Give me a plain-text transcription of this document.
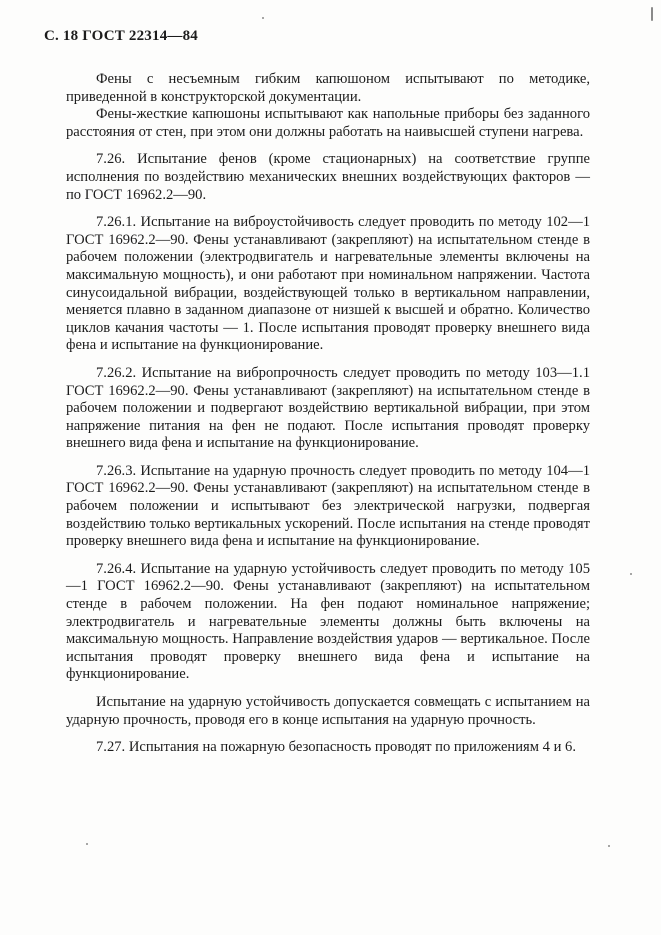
С. 18 ГОСТ 22314—84

Фены с несъемным гибким капюшоном испытывают по методике, приведенной в конструкторской документации.

Фены-жесткие капюшоны испытывают как напольные приборы без заданного расстояния от стен, при этом они должны работать на наивысшей ступени нагрева.

7.26. Испытание фенов (кроме стационарных) на соответствие группе исполнения по воздействию механических внешних воздействующих факторов — по ГОСТ 16962.2—90.

7.26.1. Испытание на виброустойчивость следует проводить по методу 102—1 ГОСТ 16962.2—90. Фены устанавливают (закрепляют) на испытательном стенде в рабочем положении (электродвигатель и нагревательные элементы включены на максимальную мощность), и они работают при номинальном напряжении. Частота синусоидальной вибрации, воздействующей только в вертикальном направлении, меняется плавно в заданном диапазоне от низшей к высшей и обратно. Количество циклов качания частоты — 1. После испытания проводят проверку внешнего вида фена и испытание на функционирование.

7.26.2. Испытание на вибропрочность следует проводить по методу 103—1.1 ГОСТ 16962.2—90. Фены устанавливают (закрепляют) на испытательном стенде в рабочем положении и подвергают воздействию вертикальной вибрации, при этом напряжение питания на фен не подают. После испытания проводят проверку внешнего вида фена и испытание на функционирование.

7.26.3. Испытание на ударную прочность следует проводить по методу 104—1 ГОСТ 16962.2—90. Фены устанавливают (закрепляют) на испытательном стенде в рабочем положении и испытывают без электрической нагрузки, подвергая воздействию только вертикальных ускорений. После испытания на стенде проводят проверку внешнего вида фена и испытание на функционирование.

7.26.4. Испытание на ударную устойчивость следует проводить по методу 105—1 ГОСТ 16962.2—90. Фены устанавливают (закрепляют) на испытательном стенде в рабочем положении. На фен подают номинальное напряжение; электродвигатель и нагревательные элементы должны быть включены на максимальную мощность. Направление воздействия ударов — вертикальное. После испытания проводят проверку внешнего вида фена и испытание на функционирование.

Испытание на ударную устойчивость допускается совмещать с испытанием на ударную прочность, проводя его в конце испытания на ударную прочность.

7.27. Испытания на пожарную безопасность проводят по приложениям 4 и 6.
